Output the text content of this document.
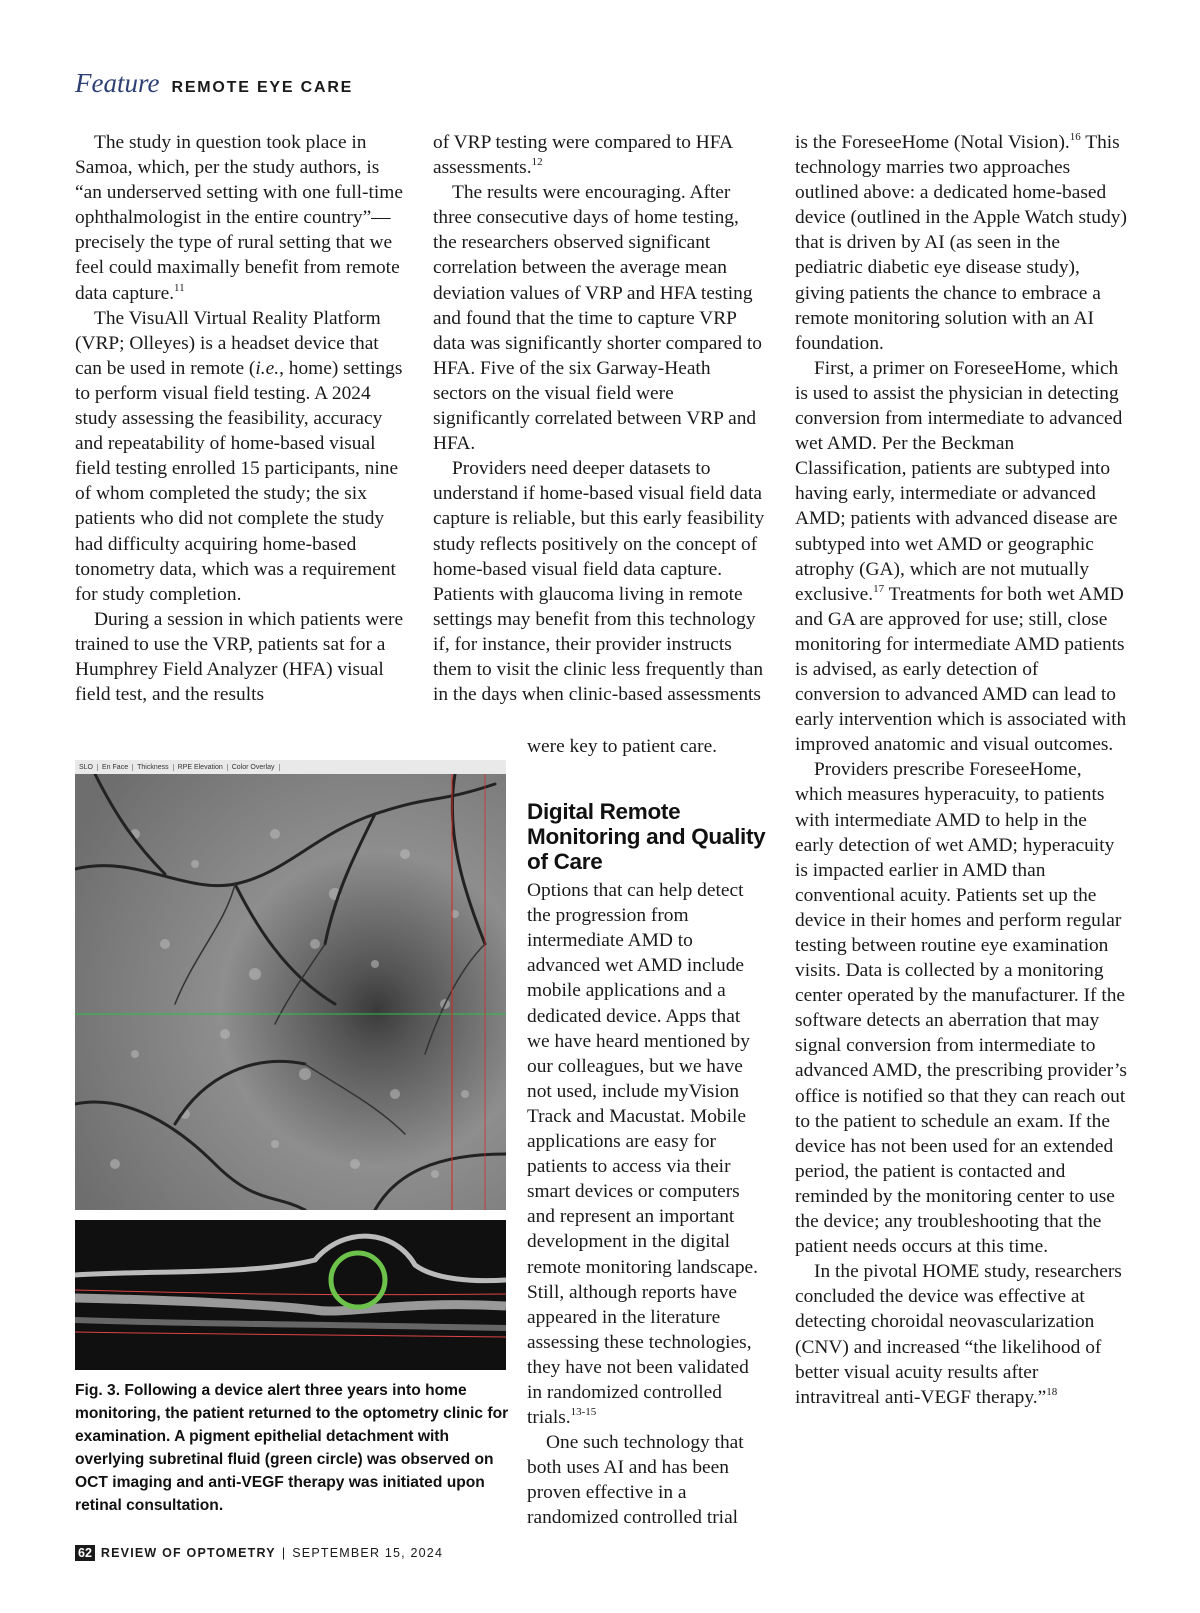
Feature REMOTE EYE CARE

The study in question took place in Samoa, which, per the study authors, is “an underserved setting with one full-time ophthalmologist in the entire country”—precisely the type of rural setting that we feel could maximally benefit from remote data capture.$^{11}$

The VisuAll Virtual Reality Platform (VRP; Olleyes) is a headset device that can be used in remote (i.e., home) settings to perform visual field testing. A 2024 study assessing the feasibility, accuracy and repeatability of home-based visual field testing enrolled 15 participants, nine of whom completed the study; the six patients who did not complete the study had difficulty acquiring home-based tonometry data, which was a requirement for study completion.

During a session in which patients were trained to use the VRP, patients sat for a Humphrey Field Analyzer (HFA) visual field test, and the results

of VRP testing were compared to HFA assessments.$^{12}$

The results were encouraging. After three consecutive days of home testing, the researchers observed significant correlation between the average mean deviation values of VRP and HFA testing and found that the time to capture VRP data was significantly shorter compared to HFA. Five of the six Garway-Heath sectors on the visual field were significantly correlated between VRP and HFA.

Providers need deeper datasets to understand if home-based visual field data capture is reliable, but this early feasibility study reflects positively on the concept of home-based visual field data capture. Patients with glaucoma living in remote settings may benefit from this technology if, for instance, their provider instructs them to visit the clinic less frequently than in the days when clinic-based assessments

were key to patient care.

Digital Remote Monitoring and Quality of Care

Options that can help detect the progression from intermediate AMD to advanced wet AMD include mobile applications and a dedicated device. Apps that we have heard mentioned by our colleagues, but we have not used, include myVision Track and Macustat. Mobile applications are easy for patients to access via their smart devices or computers and represent an important development in the digital remote monitoring landscape. Still, although reports have appeared in the literature assessing these technologies, they have not been validated in randomized controlled trials.$^{13-15}$

One such technology that both uses AI and has been proven effective in a randomized controlled trial

is the ForeseeHome (Notal Vision).$^{16}$ This technology marries two approaches outlined above: a dedicated home-based device (outlined in the Apple Watch study) that is driven by AI (as seen in the pediatric diabetic eye disease study), giving patients the chance to embrace a remote monitoring solution with an AI foundation.

First, a primer on ForeseeHome, which is used to assist the physician in detecting conversion from intermediate to advanced wet AMD. Per the Beckman Classification, patients are subtyped into having early, intermediate or advanced AMD; patients with advanced disease are subtyped into wet AMD or geographic atrophy (GA), which are not mutually exclusive.$^{17}$ Treatments for both wet AMD and GA are approved for use; still, close monitoring for intermediate AMD patients is advised, as early detection of conversion to advanced AMD can lead to early intervention which is associated with improved anatomic and visual outcomes.

Providers prescribe ForeseeHome, which measures hyperacuity, to patients with intermediate AMD to help in the early detection of wet AMD; hyperacuity is impacted earlier in AMD than conventional acuity. Patients set up the device in their homes and perform regular testing between routine eye examination visits. Data is collected by a monitoring center operated by the manufacturer. If the software detects an aberration that may signal conversion from intermediate to advanced AMD, the prescribing provider’s office is notified so that they can reach out to the patient to schedule an exam. If the device has not been used for an extended period, the patient is contacted and reminded by the monitoring center to use the device; any troubleshooting that the patient needs occurs at this time.

In the pivotal HOME study, researchers concluded the device was effective at detecting choroidal neovascularization (CNV) and increased “the likelihood of better visual acuity results after intravitreal anti-VEGF therapy.”$^{18}$

SLO	En Face	Thickness	RPE Elevation	Color Overlay
Fig. 3. Following a device alert three years into home monitoring, the patient returned to the optometry clinic for examination. A pigment epithelial detachment with overlying subretinal fluid (green circle) was observed on OCT imaging and anti-VEGF therapy was initiated upon retinal consultation.
62 REVIEW OF OPTOMETRY | SEPTEMBER 15, 2024
